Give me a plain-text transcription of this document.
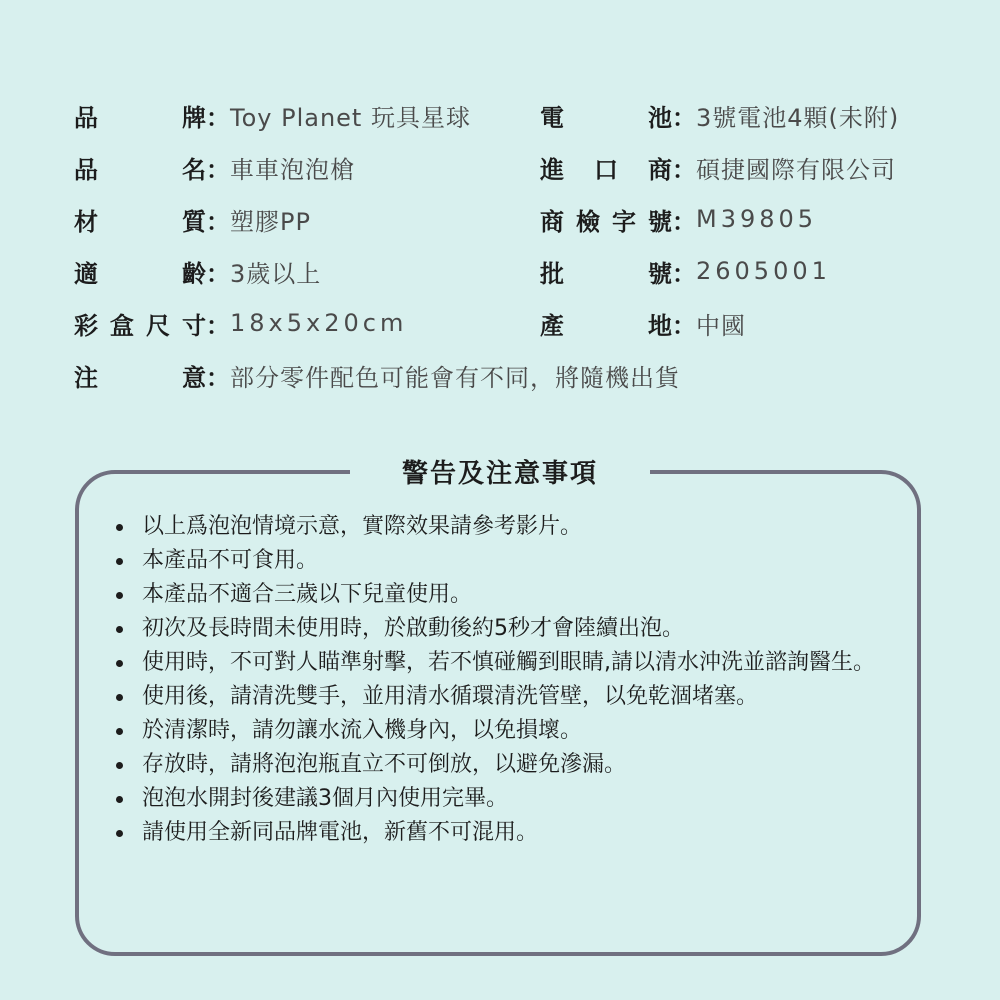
品	牌 ： Toy Planet 玩具星球
品	名 ： 車車泡泡槍
材	質 ： 塑膠PP
適	齡 ： 3歲以上
彩 盒 尺 寸 ： 18x5x20cm
注	意 ： 部分零件配色可能會有不同，將隨機出貨
電	池 ： 3號電池4顆(未附)
進 口 商 ： 碩捷國際有限公司
商 檢 字 號 ： M39805
批	號 ： 2605001
產	地 ： 中國
警告及注意事項
以上爲泡泡情境示意，實際效果請參考影片。
本產品不可食用。
本產品不適合三歲以下兒童使用。
初次及長時間未使用時，於啟動後約5秒才會陸續出泡。
使用時，不可對人瞄準射擊，若不慎碰觸到眼睛,請以清水沖洗並諮詢醫生。
使用後，請清洗雙手，並用清水循環清洗管壁，以免乾涸堵塞。
於清潔時，請勿讓水流入機身內，以免損壞。
存放時，請將泡泡瓶直立不可倒放，以避免滲漏。
泡泡水開封後建議3個月內使用完畢。
請使用全新同品牌電池，新舊不可混用。
